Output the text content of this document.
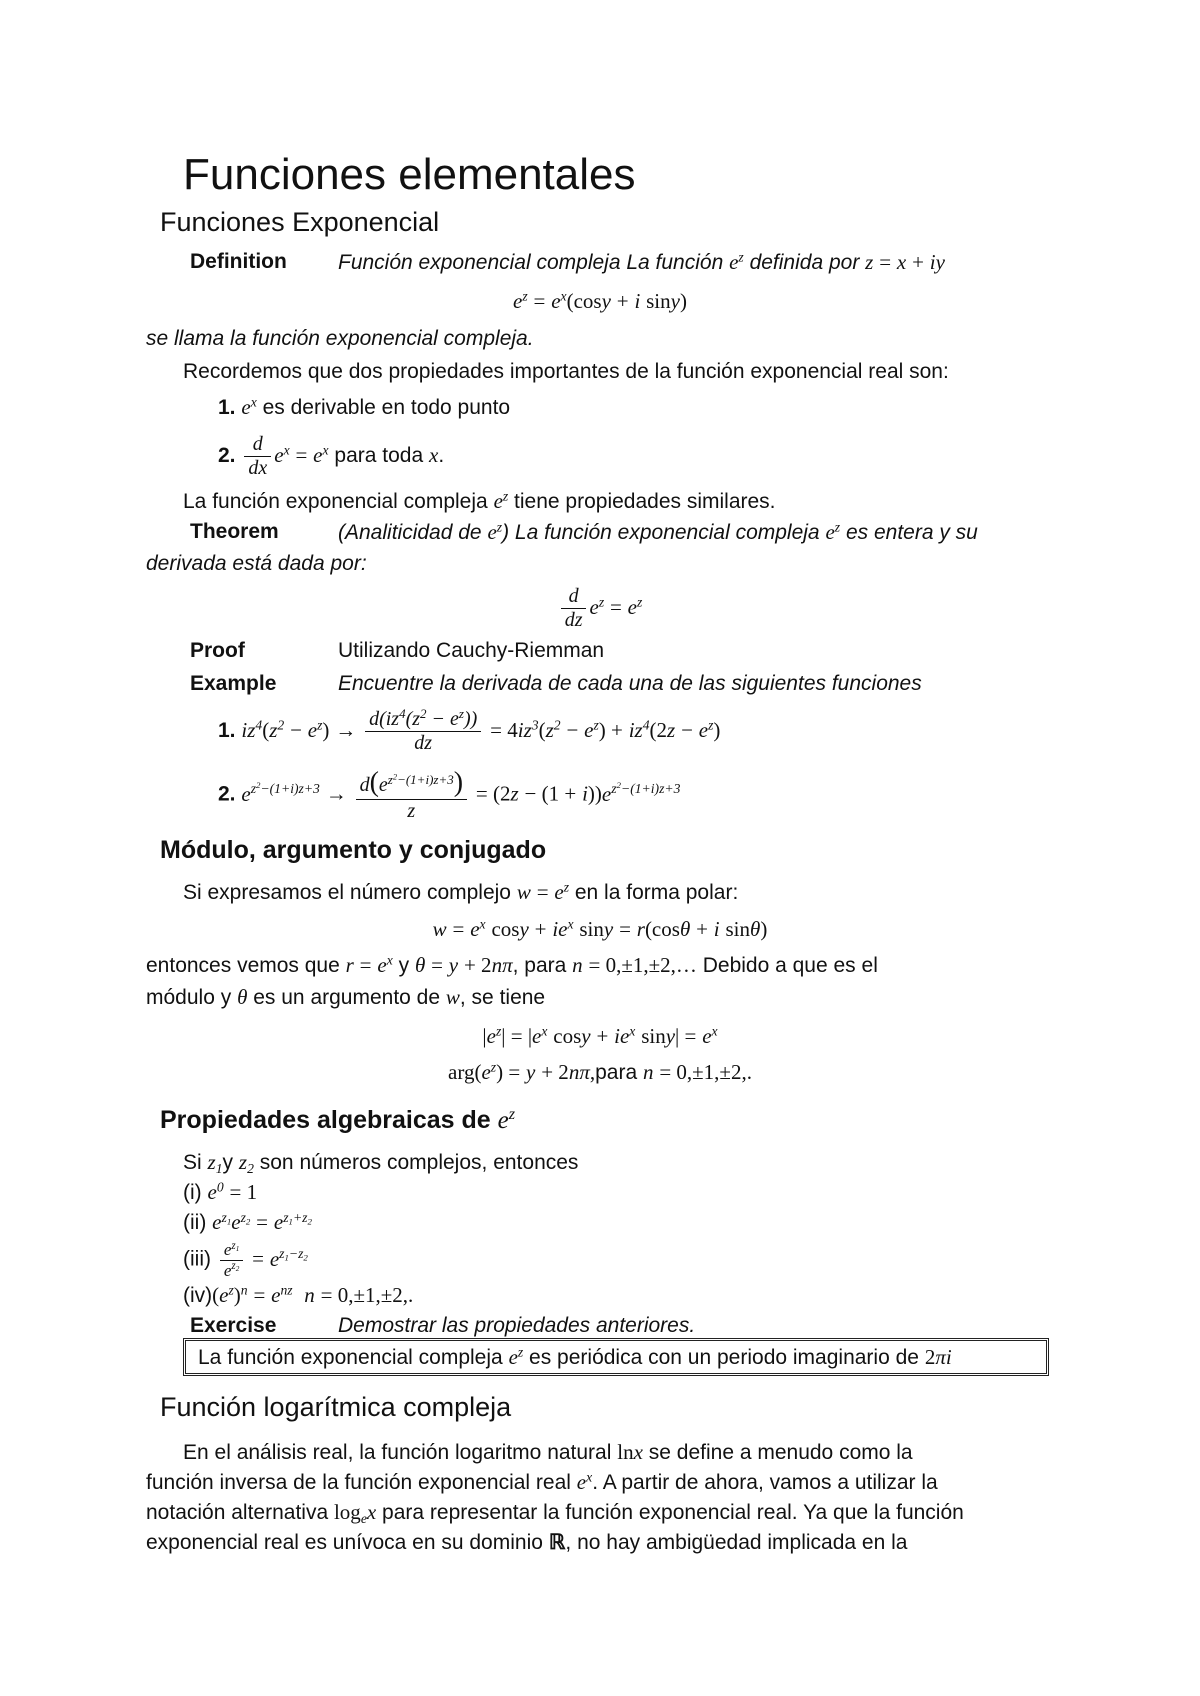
Funciones elementales
Funciones Exponencial
Definition Función exponencial compleja La función $e^z$ definida por z = x + iy
$e^z = e^x(\cos y + i$ siny)
se llama la función exponencial compleja.
Recordemos que dos propiedades importantes de la función exponencial real son:
1. $e^x$ es derivable en todo punto
2. $\frac{d}{dx} e^x = e^x$ para toda x.
La función exponencial compleja $e^z$ tiene propiedades similares.
Theorem	(Analiticidad de $e^z$) La función exponencial compleja $e^z$ es entera y su
derivada está dada por:
$\frac{d}{dz} e^z = e^z$
Proof	Utilizando Cauchy-Riemman
Example	Encuentre la derivada de cada una de las siguientes funciones
1. $iz^4(z^2 - e^z) \to \frac{d(iz^4(z^2 - e^z))}{dz} = 4iz^3(z^2 - e^z) + iz^4(2z - e^z)$
2. $e^{z^2-(1+i)z+3} \to \frac{d(e^{z^2-(1+i)z+3})}{z} = (2z - (1 + i))e^{z^2-(1+i)z+3}$
Módulo, argumento y conjugado
Si expresamos el número complejo $w = e^z$ en la forma polar:
$w = e^x$ $\cos y + ie^x$ siny = r(cosθ + i sinθ)
entonces vemos que $r = e^x$ y θ = y + 2nπ, para n = 0,±1,±2,… Debido a que es el
módulo y θ es un argumento de w, se tiene
$|e^z| = |e^x$ $\cos y + ie^x$ $\sin y| = e^x$
$arg(e^z) = y$ + 2nπ,para n = 0,±1,±2,.
Propiedades algebraicas de $e^z$
Si $z_1y$ $z_2$ son números complejos, entonces
(i) $e^0 = 1$
(ii) $e^{z_1}e^{z_2} = e^{z_1+z_2}$
$(iii) \frac{e^{z_1}}{e^{z_2}} = e^{z_1-z_2}$
$(iv)(e^z)^n = e^{nz}$ n = 0,±1,±2,.
Exercise	Demostrar las propiedades anteriores.
La función exponencial compleja $e^z$ es periódica con un periodo imaginario de 2πi
Función logarítmica compleja
En el análisis real, la función logaritmo natural lnx se define a menudo como la
función inversa de la función exponencial real $e^x$. A partir de ahora, vamos a utilizar la
notación alternativa $\log_ex$ para representar la función exponencial real. Ya que la función
exponencial real es unívoca en su dominio ℝ, no hay ambigüedad implicada en la
